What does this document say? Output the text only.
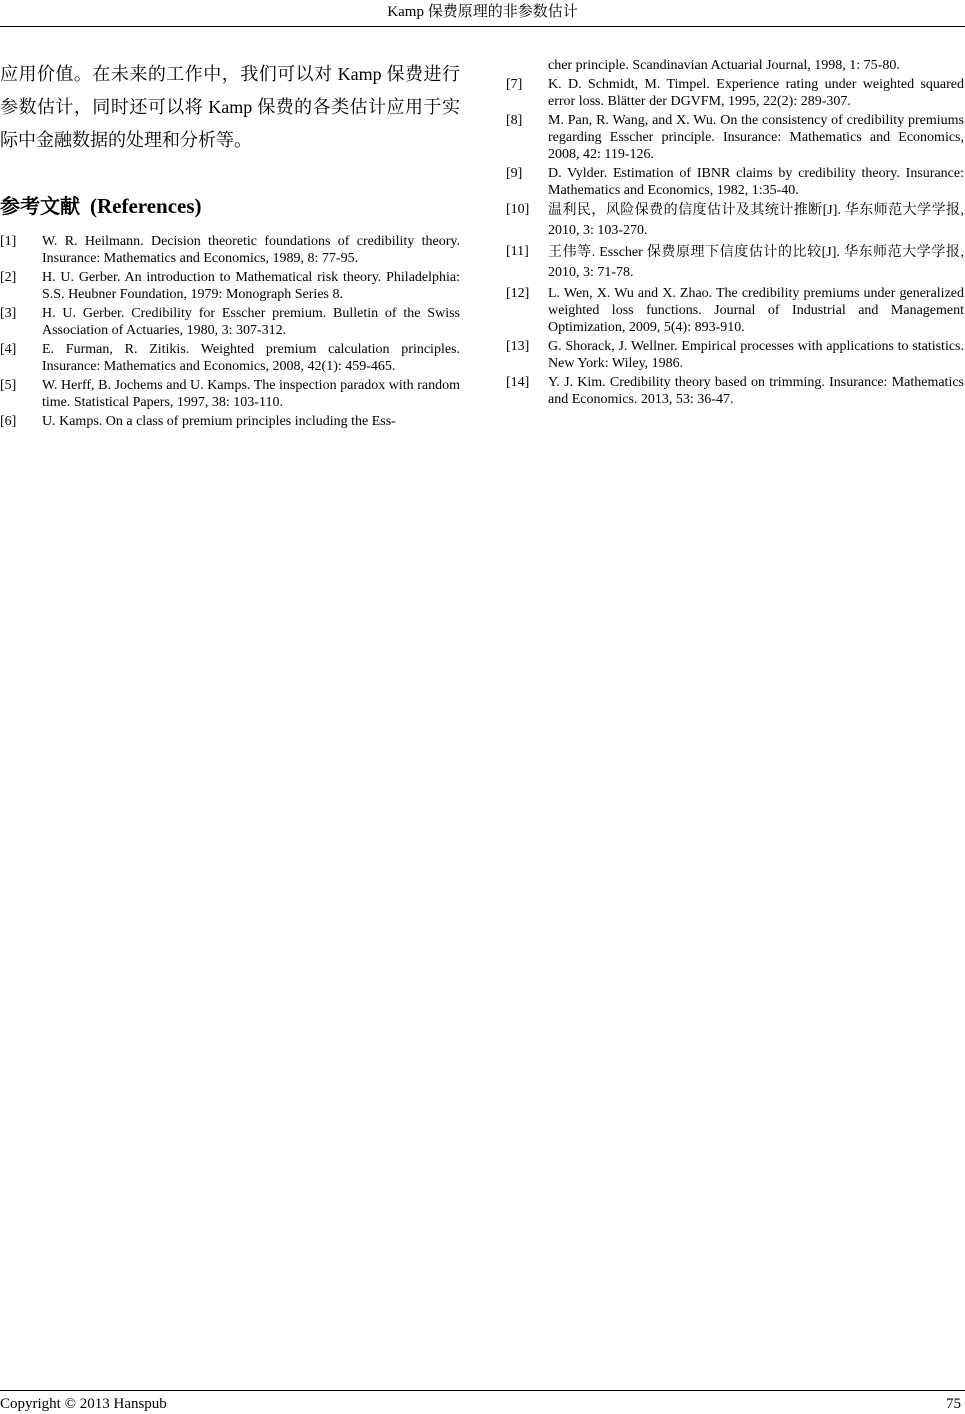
Kamp 保费原理的非参数估计

应用价值。在未来的工作中，我们可以对 Kamp 保费进行参数估计，同时还可以将 Kamp 保费的各类估计应用于实际中金融数据的处理和分析等。

参考文献 (References)
[1]	W. R. Heilmann. Decision theoretic foundations of credibility theory. Insurance: Mathematics and Economics, 1989, 8: 77-95.
[2]	H. U. Gerber. An introduction to Mathematical risk theory. Philadelphia: S.S. Heubner Foundation, 1979: Monograph Series 8.
[3]	H. U. Gerber. Credibility for Esscher premium. Bulletin of the Swiss Association of Actuaries, 1980, 3: 307-312.
[4]	E. Furman, R. Zitikis. Weighted premium calculation principles. Insurance: Mathematics and Economics, 2008, 42(1): 459-465.
[5]	W. Herff, B. Jochems and U. Kamps. The inspection paradox with random time. Statistical Papers, 1997, 38: 103-110.
[6]	U. Kamps. On a class of premium principles including the Ess-
cher principle. Scandinavian Actuarial Journal, 1998, 1: 75-80.
[7]	K. D. Schmidt, M. Timpel. Experience rating under weighted squared error loss. Blätter der DGVFM, 1995, 22(2): 289-307.
[8]	M. Pan, R. Wang, and X. Wu. On the consistency of credibility premiums regarding Esscher principle. Insurance: Mathematics and Economics, 2008, 42: 119-126.
[9]	D. Vylder. Estimation of IBNR claims by credibility theory. Insurance: Mathematics and Economics, 1982, 1:35-40.
[10]	温利民，风险保费的信度估计及其统计推断[J]. 华东师范大学学报, 2010, 3: 103-270.
[11]	王伟等. Esscher 保费原理下信度估计的比较[J]. 华东师范大学学报, 2010, 3: 71-78.
[12]	L. Wen, X. Wu and X. Zhao. The credibility premiums under generalized weighted loss functions. Journal of Industrial and Management Optimization, 2009, 5(4): 893-910.
[13]	G. Shorack, J. Wellner. Empirical processes with applications to statistics. New York: Wiley, 1986.
[14]	Y. J. Kim. Credibility theory based on trimming. Insurance: Mathematics and Economics. 2013, 53: 36-47.
Copyright © 2013 Hanspub	75
